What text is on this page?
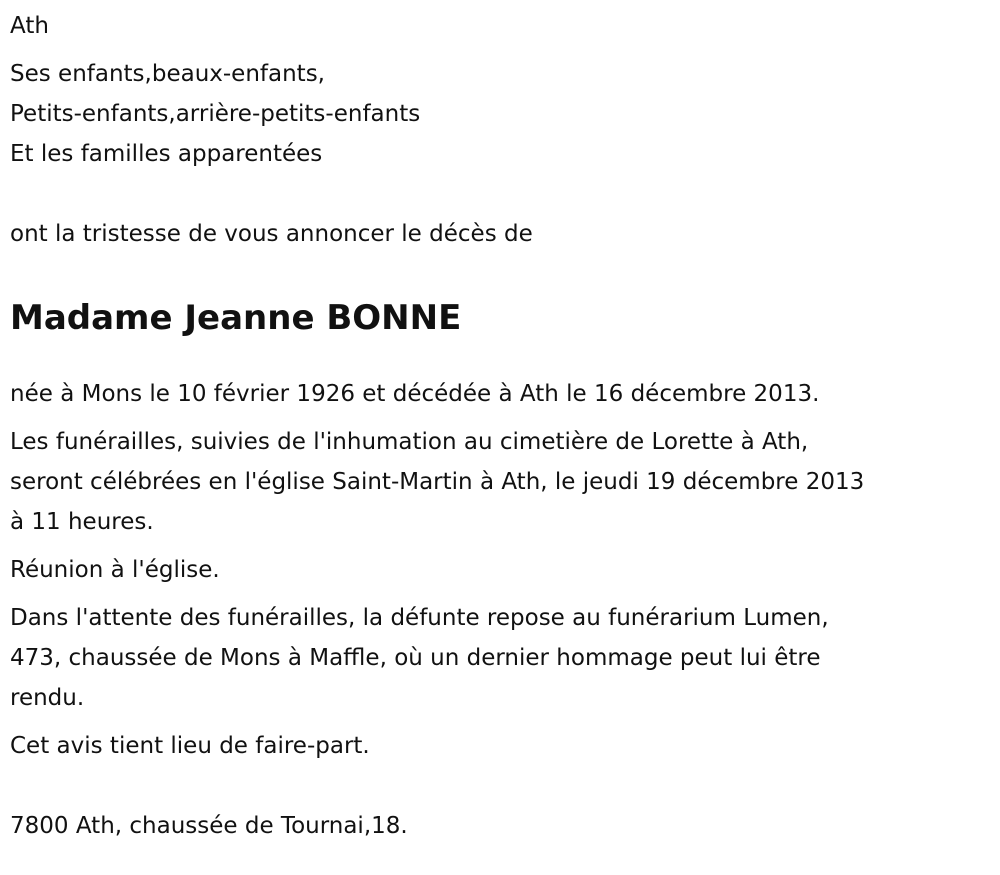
Ath

Ses enfants,beaux-enfants,

Petits-enfants,arrière-petits-enfants

Et les familles apparentées

ont la tristesse de vous annoncer le décès de

Madame Jeanne BONNE

née à Mons le 10 février 1926 et décédée à Ath le 16 décembre 2013.

Les funérailles, suivies de l'inhumation au cimetière de Lorette à Ath,

seront célébrées en l'église Saint-Martin à Ath, le jeudi 19 décembre 2013

à 11 heures.

Réunion à l'église.

Dans l'attente des funérailles, la défunte repose au funérarium Lumen,

473, chaussée de Mons à Maffle, où un dernier hommage peut lui être

rendu.

Cet avis tient lieu de faire-part.

7800 Ath, chaussée de Tournai,18.
